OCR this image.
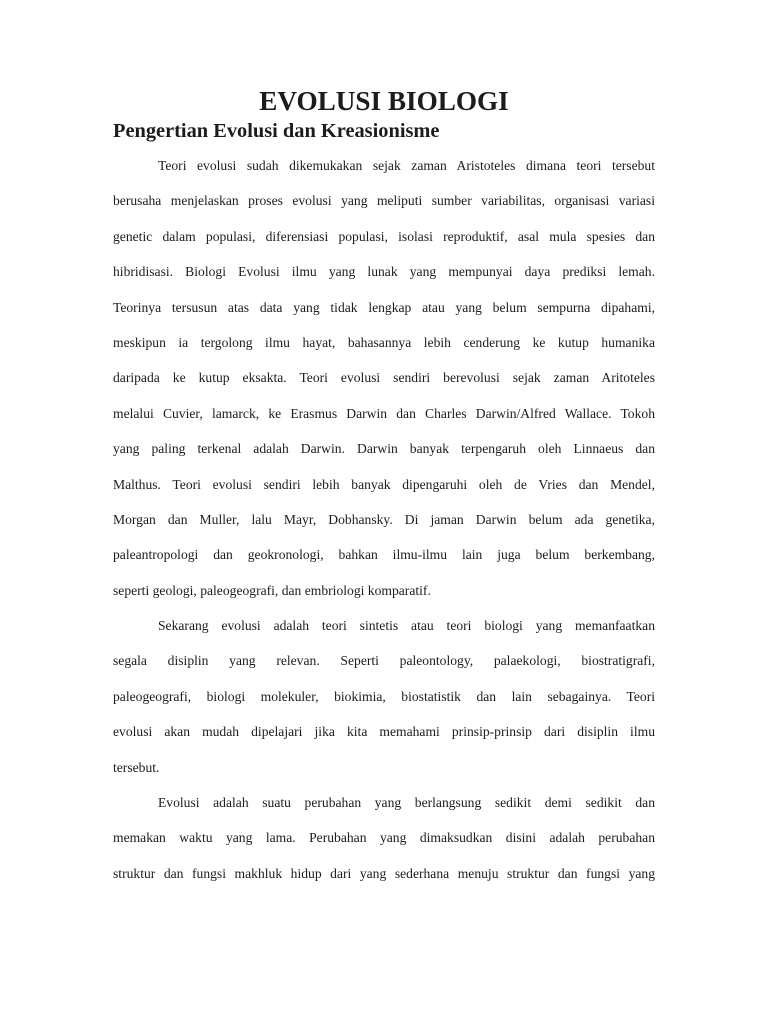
EVOLUSI BIOLOGI
Pengertian Evolusi dan Kreasionisme
Teori evolusi sudah dikemukakan sejak zaman Aristoteles dimana teori tersebut
berusaha menjelaskan proses evolusi yang meliputi sumber variabilitas, organisasi variasi
genetic dalam populasi, diferensiasi populasi, isolasi reproduktif, asal mula spesies dan
hibridisasi. Biologi Evolusi ilmu yang lunak yang mempunyai daya prediksi lemah.
Teorinya tersusun atas data yang tidak lengkap atau yang belum sempurna dipahami,
meskipun ia tergolong ilmu hayat, bahasannya lebih cenderung ke kutup humanika
daripada ke kutup eksakta. Teori evolusi sendiri berevolusi sejak zaman Aritoteles
melalui Cuvier, lamarck, ke Erasmus Darwin dan Charles Darwin/Alfred Wallace. Tokoh
yang paling terkenal adalah Darwin. Darwin banyak terpengaruh oleh Linnaeus dan
Malthus. Teori evolusi sendiri lebih banyak dipengaruhi oleh de Vries dan Mendel,
Morgan dan Muller, lalu Mayr, Dobhansky. Di jaman Darwin belum ada genetika,
paleantropologi dan geokronologi, bahkan ilmu-ilmu lain juga belum berkembang,
seperti geologi, paleogeografi, dan embriologi komparatif.
Sekarang evolusi adalah teori sintetis atau teori biologi yang memanfaatkan
segala disiplin yang relevan. Seperti paleontology, palaekologi, biostratigrafi,
paleogeografi, biologi molekuler, biokimia, biostatistik dan lain sebagainya. Teori
evolusi akan mudah dipelajari jika kita memahami prinsip-prinsip dari disiplin ilmu
tersebut.
Evolusi adalah suatu perubahan yang berlangsung sedikit demi sedikit dan
memakan waktu yang lama. Perubahan yang dimaksudkan disini adalah perubahan
struktur dan fungsi makhluk hidup dari yang sederhana menuju struktur dan fungsi yang
